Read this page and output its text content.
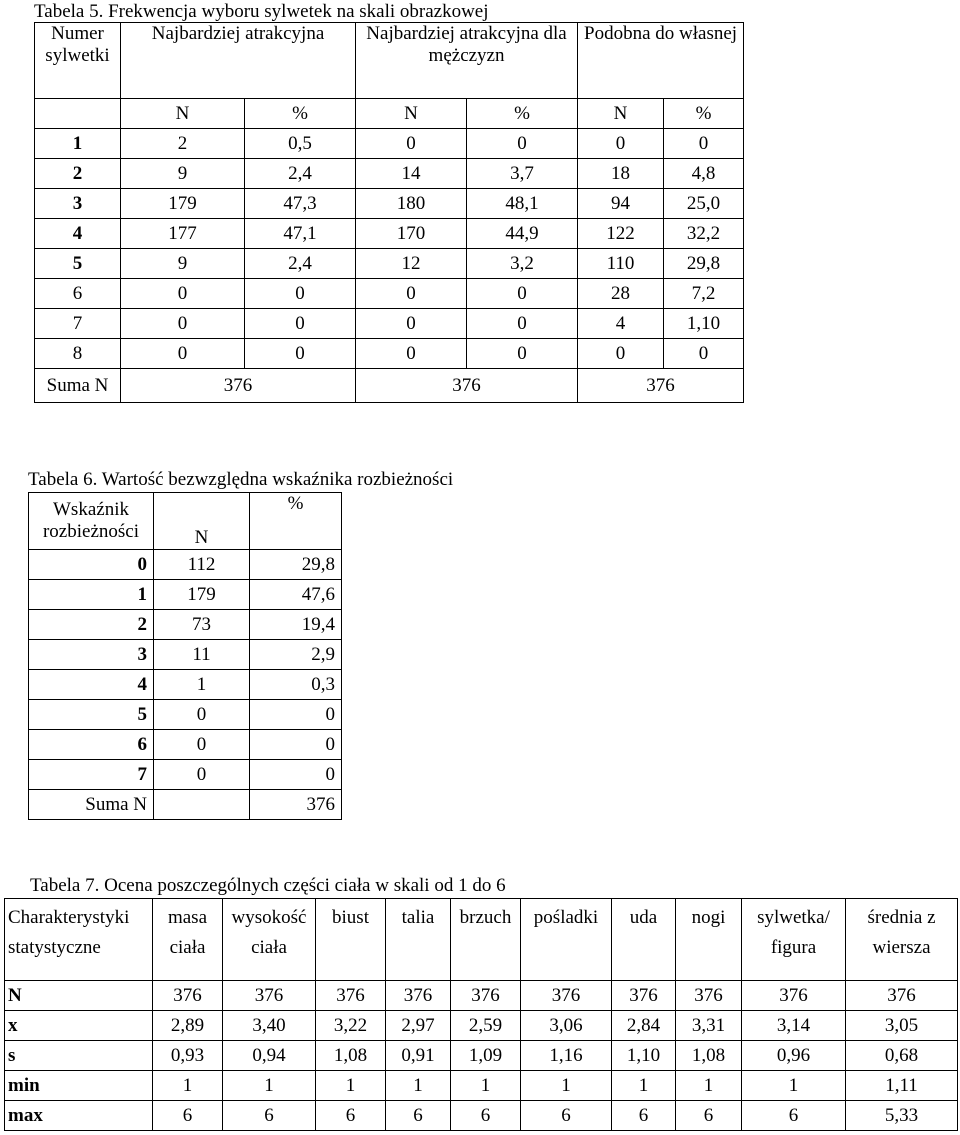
Tabela 5. Frekwencja wyboru sylwetek na skali obrazkowej
Numer sylwetki	Najbardziej atrakcyjna		Najbardziej atrakcyjna dla mężczyzn		Podobna do własnej	
	N	%	N	%	N	%
1	2	0,5	0	0	0	0
2	9	2,4	14	3,7	18	4,8
3	179	47,3	180	48,1	94	25,0
4	177	47,1	170	44,9	122	32,2
5	9	2,4	12	3,2	110	29,8
6	0	0	0	0	28	7,2
7	0	0	0	0	4	1,10
8	0	0	0	0	0	0
Suma N	376		376		376	
Tabela 6. Wartość bezwzględna wskaźnika rozbieżności
Wskaźnik rozbieżności	N	%
0	112	29,8
1	179	47,6
2	73	19,4
3	11	2,9
4	1	0,3
5	0	0
6	0	0
7	0	0
Suma N		376
Tabela 7. Ocena poszczególnych części ciała w skali od 1 do 6
Charakterystyki statystyczne	masa ciała	wysokość ciała	biust	talia	brzuch	pośladki	uda	nogi	sylwetka/ figura	średnia z wiersza
N	376	376	376	376	376	376	376	376	376	376
x	2,89	3,40	3,22	2,97	2,59	3,06	2,84	3,31	3,14	3,05
s	0,93	0,94	1,08	0,91	1,09	1,16	1,10	1,08	0,96	0,68
min	1	1	1	1	1	1	1	1	1	1,11
max	6	6	6	6	6	6	6	6	6	5,33
